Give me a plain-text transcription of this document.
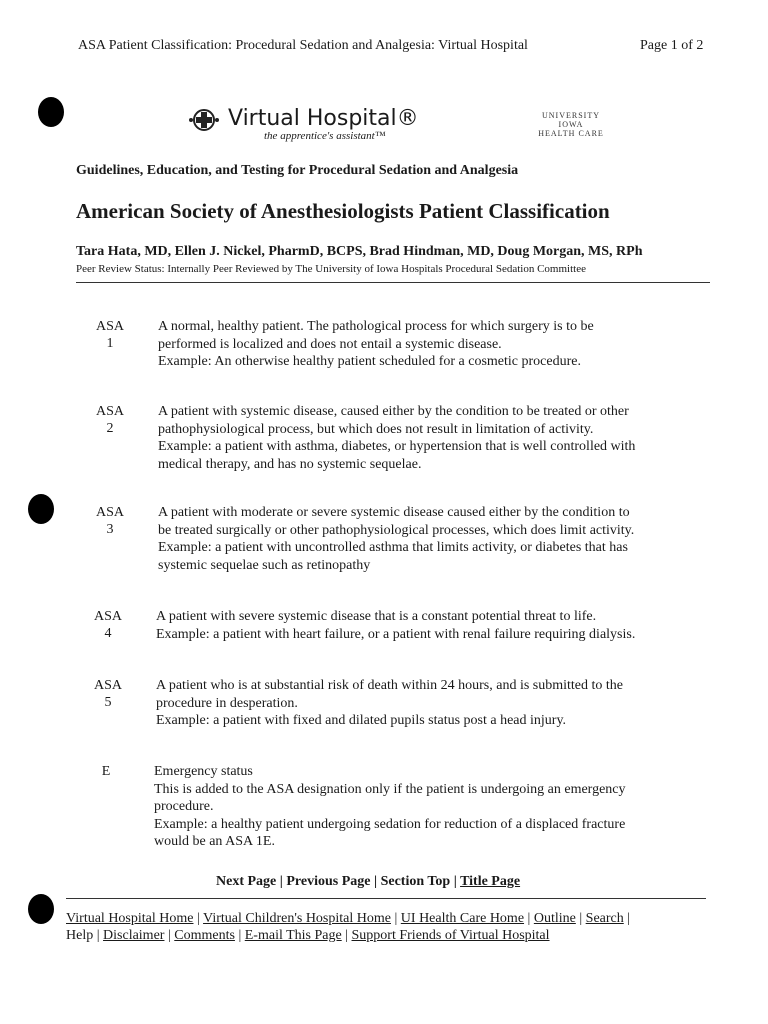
ASA Patient Classification: Procedural Sedation and Analgesia: Virtual Hospital	Page 1 of 2
Virtual Hospital®
the apprentice's assistant™
UNIVERSITY
IOWA
HEALTH CARE
Guidelines, Education, and Testing for Procedural Sedation and Analgesia
American Society of Anesthesiologists Patient Classification
Tara Hata, MD, Ellen J. Nickel, PharmD, BCPS, Brad Hindman, MD, Doug Morgan, MS, RPh
Peer Review Status: Internally Peer Reviewed by The University of Iowa Hospitals Procedural Sedation Committee
ASA
1
A normal, healthy patient. The pathological process for which surgery is to be
performed is localized and does not entail a systemic disease.
Example: An otherwise healthy patient scheduled for a cosmetic procedure.
ASA
2
A patient with systemic disease, caused either by the condition to be treated or other
pathophysiological process, but which does not result in limitation of activity.
Example: a patient with asthma, diabetes, or hypertension that is well controlled with
medical therapy, and has no systemic sequelae.
ASA
3
A patient with moderate or severe systemic disease caused either by the condition to
be treated surgically or other pathophysiological processes, which does limit activity.
Example: a patient with uncontrolled asthma that limits activity, or diabetes that has
systemic sequelae such as retinopathy
ASA
4
A patient with severe systemic disease that is a constant potential threat to life.
Example: a patient with heart failure, or a patient with renal failure requiring dialysis.
ASA
5
A patient who is at substantial risk of death within 24 hours, and is submitted to the
procedure in desperation.
Example: a patient with fixed and dilated pupils status post a head injury.
E	Emergency status
This is added to the ASA designation only if the patient is undergoing an emergency
procedure.
Example: a healthy patient undergoing sedation for reduction of a displaced fracture
would be an ASA 1E.
Next Page | Previous Page | Section Top | Title Page
Virtual Hospital Home | Virtual Children's Hospital Home | UI Health Care Home | Outline | Search |
Help | Disclaimer | Comments | E-mail This Page | Support Friends of Virtual Hospital
